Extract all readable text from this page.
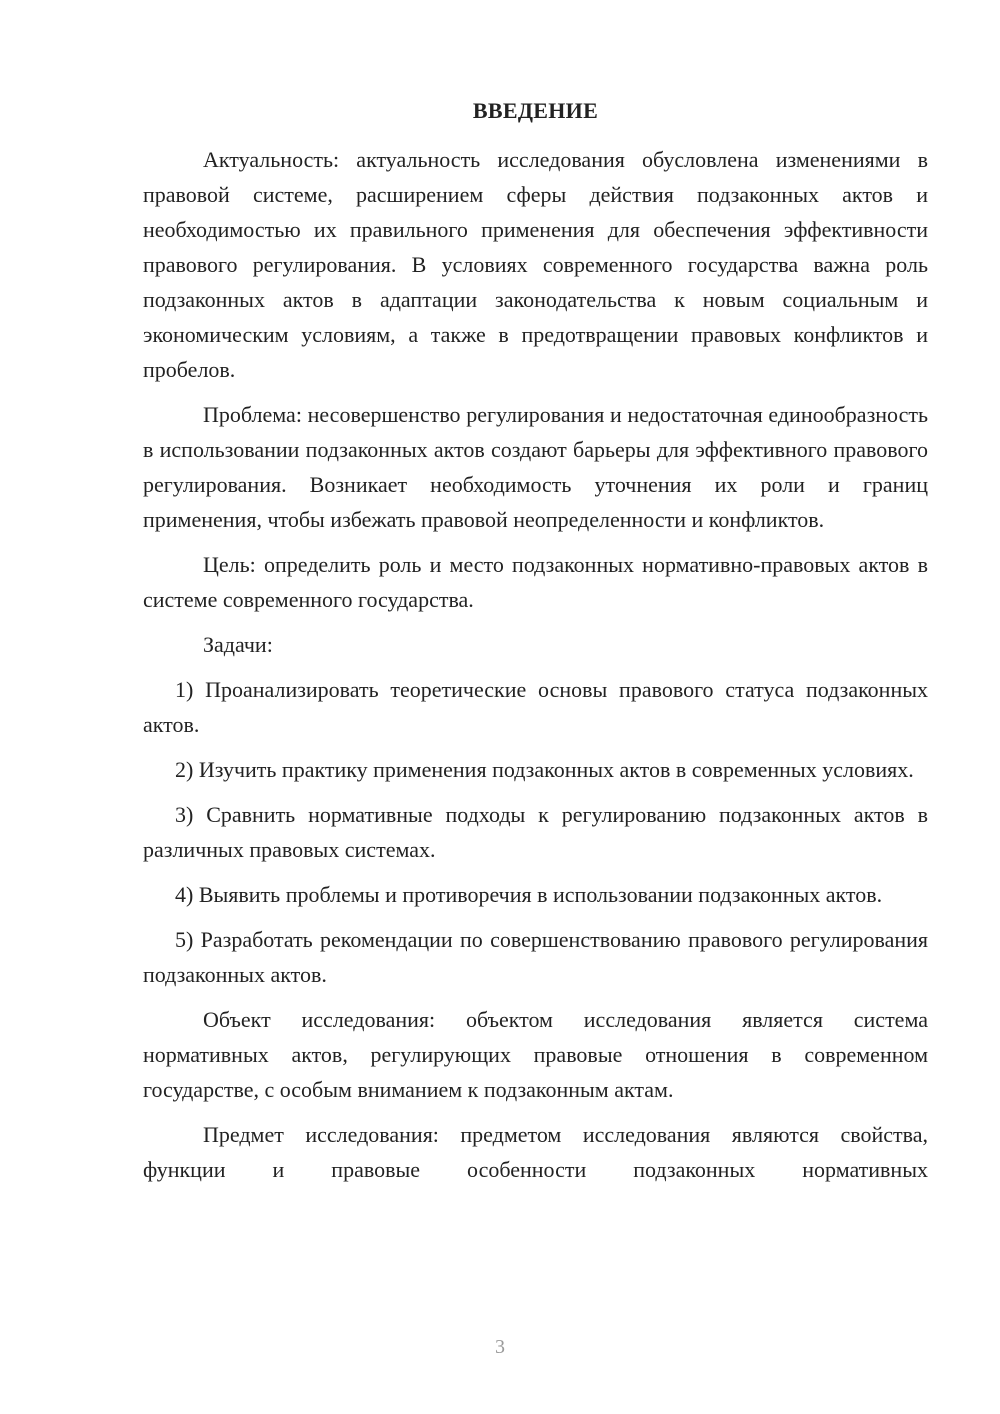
ВВЕДЕНИЕ

Актуальность: актуальность исследования обусловлена изменениями в правовой системе, расширением сферы действия подзаконных актов и необходимостью их правильного применения для обеспечения эффективности правового регулирования. В условиях современного государства важна роль подзаконных актов в адаптации законодательства к новым социальным и экономическим условиям, а также в предотвращении правовых конфликтов и пробелов.

Проблема: несовершенство регулирования и недостаточная единообразность в использовании подзаконных актов создают барьеры для эффективного правового регулирования. Возникает необходимость уточнения их роли и границ применения, чтобы избежать правовой неопределенности и конфликтов.

Цель: определить роль и место подзаконных нормативно-правовых актов в системе современного государства.

Задачи:

1) Проанализировать теоретические основы правового статуса подзаконных актов.

2) Изучить практику применения подзаконных актов в современных условиях.

3) Сравнить нормативные подходы к регулированию подзаконных актов в различных правовых системах.

4) Выявить проблемы и противоречия в использовании подзаконных актов.

5) Разработать рекомендации по совершенствованию правового регулирования подзаконных актов.

Объект исследования: объектом исследования является система нормативных актов, регулирующих правовые отношения в современном государстве, с особым вниманием к подзаконным актам.

Предмет исследования: предметом исследования являются свойства, функции и правовые особенности подзаконных нормативных

3
